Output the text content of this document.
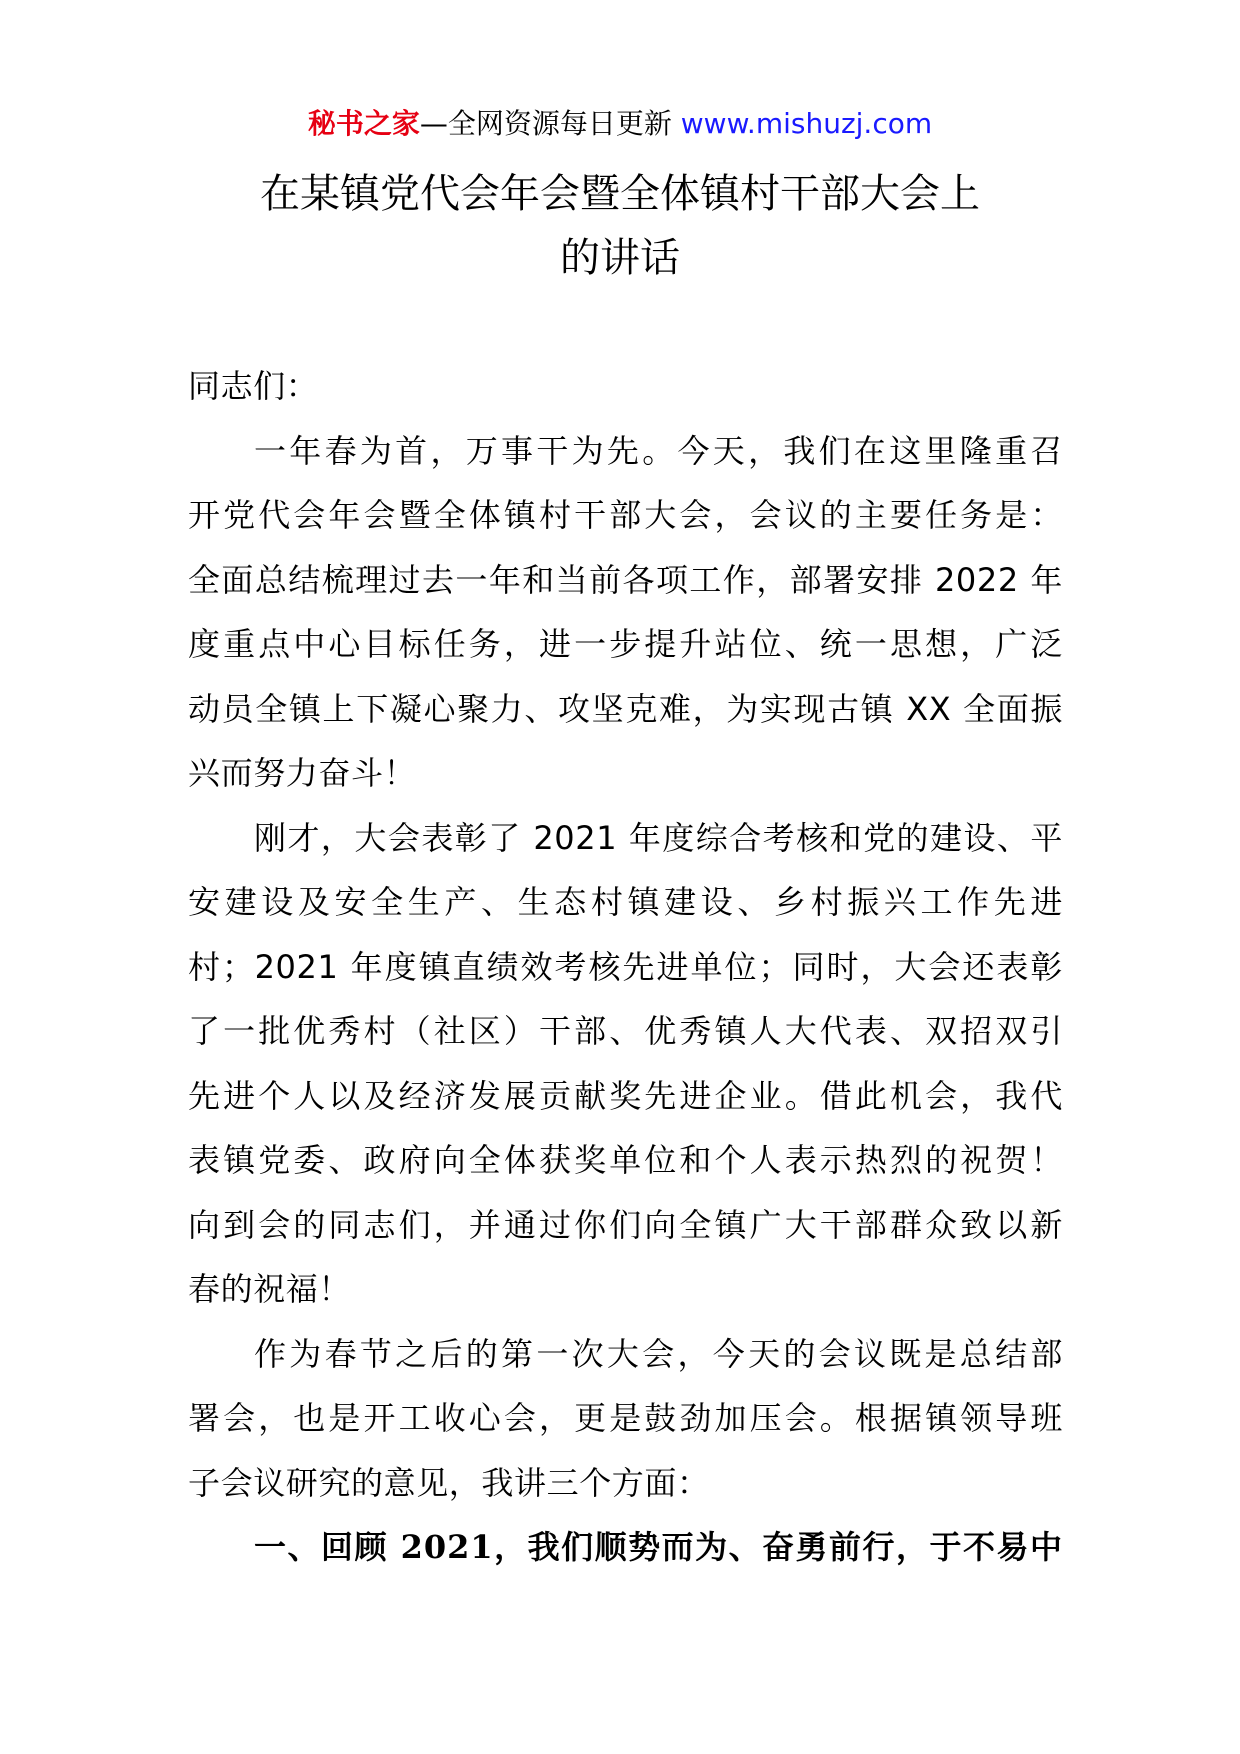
秘书之家—全网资源每日更新 www.mishuzj.com
在某镇党代会年会暨全体镇村干部大会上
的讲话
同志们：
一年春为首，万事干为先。今天，我们在这里隆重召
开党代会年会暨全体镇村干部大会，会议的主要任务是：
全面总结梳理过去一年和当前各项工作，部署安排 2022 年
度重点中心目标任务，进一步提升站位、统一思想，广泛
动员全镇上下凝心聚力、攻坚克难，为实现古镇 XX 全面振
兴而努力奋斗！
刚才，大会表彰了 2021 年度综合考核和党的建设、平
安建设及安全生产、生态村镇建设、乡村振兴工作先进
村；2021 年度镇直绩效考核先进单位；同时，大会还表彰
了一批优秀村（社区）干部、优秀镇人大代表、双招双引
先进个人以及经济发展贡献奖先进企业。借此机会，我代
表镇党委、政府向全体获奖单位和个人表示热烈的祝贺！
向到会的同志们，并通过你们向全镇广大干部群众致以新
春的祝福！
作为春节之后的第一次大会，今天的会议既是总结部
署会，也是开工收心会，更是鼓劲加压会。根据镇领导班
子会议研究的意见，我讲三个方面：
一、回顾 2021，我们顺势而为、奋勇前行，于不易中
